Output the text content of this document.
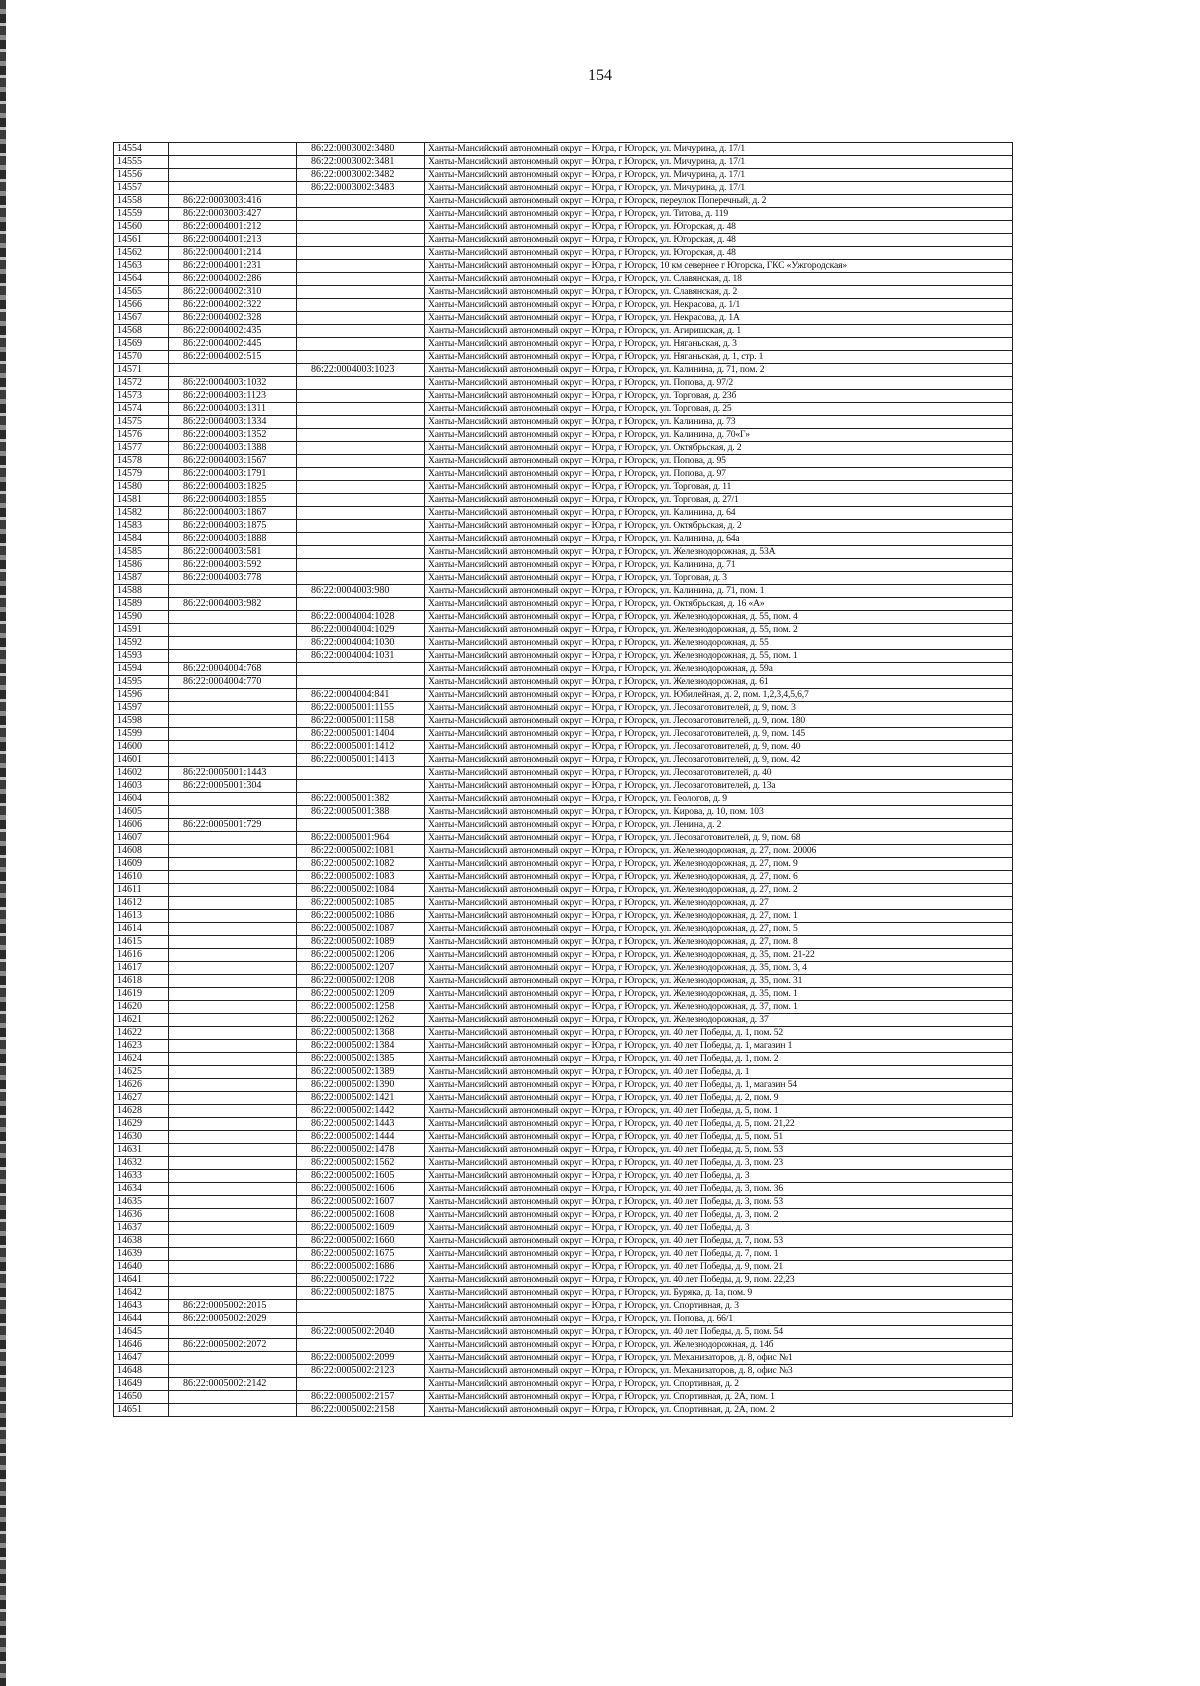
154
14554		86:22:0003002:3480	Ханты-Мансийский автономный округ – Югра, г Югорск, ул. Мичурина, д. 17/1
14555		86:22:0003002:3481	Ханты-Мансийский автономный округ – Югра, г Югорск, ул. Мичурина, д. 17/1
14556		86:22:0003002:3482	Ханты-Мансийский автономный округ – Югра, г Югорск, ул. Мичурина, д. 17/1
14557		86:22:0003002:3483	Ханты-Мансийский автономный округ – Югра, г Югорск, ул. Мичурина, д. 17/1
14558	86:22:0003003:416		Ханты-Мансийский автономный округ – Югра, г Югорск, переулок Поперечный, д. 2
14559	86:22:0003003:427		Ханты-Мансийский автономный округ – Югра, г Югорск, ул. Титова, д. 119
14560	86:22:0004001:212		Ханты-Мансийский автономный округ – Югра, г Югорск, ул. Югорская, д. 48
14561	86:22:0004001:213		Ханты-Мансийский автономный округ – Югра, г Югорск, ул. Югорская, д. 48
14562	86:22:0004001:214		Ханты-Мансийский автономный округ – Югра, г Югорск, ул. Югорская, д. 48
14563	86:22:0004001:231		Ханты-Мансийский автономный округ – Югра, г Югорск, 10 км севернее г Югорска, ГКС «Ужгородская»
14564	86:22:0004002:286		Ханты-Мансийский автономный округ – Югра, г Югорск, ул. Славянская, д. 18
14565	86:22:0004002:310		Ханты-Мансийский автономный округ – Югра, г Югорск, ул. Славянская, д. 2
14566	86:22:0004002:322		Ханты-Мансийский автономный округ – Югра, г Югорск, ул. Некрасова, д. 1/1
14567	86:22:0004002:328		Ханты-Мансийский автономный округ – Югра, г Югорск, ул. Некрасова, д. 1А
14568	86:22:0004002:435		Ханты-Мансийский автономный округ – Югра, г Югорск, ул. Агиришская, д. 1
14569	86:22:0004002:445		Ханты-Мансийский автономный округ – Югра, г Югорск, ул. Няганьская, д. 3
14570	86:22:0004002:515		Ханты-Мансийский автономный округ – Югра, г Югорск, ул. Няганьская, д. 1, стр. 1
14571		86:22:0004003:1023	Ханты-Мансийский автономный округ – Югра, г Югорск, ул. Калинина, д. 71, пом. 2
14572	86:22:0004003:1032		Ханты-Мансийский автономный округ – Югра, г Югорск, ул. Попова, д. 97/2
14573	86:22:0004003:1123		Ханты-Мансийский автономный округ – Югра, г Югорск, ул. Торговая, д. 23б
14574	86:22:0004003:1311		Ханты-Мансийский автономный округ – Югра, г Югорск, ул. Торговая, д. 25
14575	86:22:0004003:1334		Ханты-Мансийский автономный округ – Югра, г Югорск, ул. Калинина, д. 73
14576	86:22:0004003:1352		Ханты-Мансийский автономный округ – Югра, г Югорск, ул. Калинина, д. 70«Г»
14577	86:22:0004003:1388		Ханты-Мансийский автономный округ – Югра, г Югорск, ул. Октябрьская, д. 2
14578	86:22:0004003:1567		Ханты-Мансийский автономный округ – Югра, г Югорск, ул. Попова, д. 95
14579	86:22:0004003:1791		Ханты-Мансийский автономный округ – Югра, г Югорск, ул. Попова, д. 97
14580	86:22:0004003:1825		Ханты-Мансийский автономный округ – Югра, г Югорск, ул. Торговая, д. 11
14581	86:22:0004003:1855		Ханты-Мансийский автономный округ – Югра, г Югорск, ул. Торговая, д. 27/1
14582	86:22:0004003:1867		Ханты-Мансийский автономный округ – Югра, г Югорск, ул. Калинина, д. 64
14583	86:22:0004003:1875		Ханты-Мансийский автономный округ – Югра, г Югорск, ул. Октябрьская, д. 2
14584	86:22:0004003:1888		Ханты-Мансийский автономный округ – Югра, г Югорск, ул. Калинина, д. 64а
14585	86:22:0004003:581		Ханты-Мансийский автономный округ – Югра, г Югорск, ул. Железнодорожная, д. 53А
14586	86:22:0004003:592		Ханты-Мансийский автономный округ – Югра, г Югорск, ул. Калинина, д. 71
14587	86:22:0004003:778		Ханты-Мансийский автономный округ – Югра, г Югорск, ул. Торговая, д. 3
14588		86:22:0004003:980	Ханты-Мансийский автономный округ – Югра, г Югорск, ул. Калинина, д. 71, пом. 1
14589	86:22:0004003:982		Ханты-Мансийский автономный округ – Югра, г Югорск, ул. Октябрьская, д. 16 «А»
14590		86:22:0004004:1028	Ханты-Мансийский автономный округ – Югра, г Югорск, ул. Железнодорожная, д. 55, пом. 4
14591		86:22:0004004:1029	Ханты-Мансийский автономный округ – Югра, г Югорск, ул. Железнодорожная, д. 55, пом. 2
14592		86:22:0004004:1030	Ханты-Мансийский автономный округ – Югра, г Югорск, ул. Железнодорожная, д. 55
14593		86:22:0004004:1031	Ханты-Мансийский автономный округ – Югра, г Югорск, ул. Железнодорожная, д. 55, пом. 1
14594	86:22:0004004:768		Ханты-Мансийский автономный округ – Югра, г Югорск, ул. Железнодорожная, д. 59а
14595	86:22:0004004:770		Ханты-Мансийский автономный округ – Югра, г Югорск, ул. Железнодорожная, д. 61
14596		86:22:0004004:841	Ханты-Мансийский автономный округ – Югра, г Югорск, ул. Юбилейная, д. 2, пом. 1,2,3,4,5,6,7
14597		86:22:0005001:1155	Ханты-Мансийский автономный округ – Югра, г Югорск, ул. Лесозаготовителей, д. 9, пом. 3
14598		86:22:0005001:1158	Ханты-Мансийский автономный округ – Югра, г Югорск, ул. Лесозаготовителей, д. 9, пом. 180
14599		86:22:0005001:1404	Ханты-Мансийский автономный округ – Югра, г Югорск, ул. Лесозаготовителей, д. 9, пом. 145
14600		86:22:0005001:1412	Ханты-Мансийский автономный округ – Югра, г Югорск, ул. Лесозаготовителей, д. 9, пом. 40
14601		86:22:0005001:1413	Ханты-Мансийский автономный округ – Югра, г Югорск, ул. Лесозаготовителей, д. 9, пом. 42
14602	86:22:0005001:1443		Ханты-Мансийский автономный округ – Югра, г Югорск, ул. Лесозаготовителей, д. 40
14603	86:22:0005001:304		Ханты-Мансийский автономный округ – Югра, г Югорск, ул. Лесозаготовителей, д. 13а
14604		86:22:0005001:382	Ханты-Мансийский автономный округ – Югра, г Югорск, ул. Геологов, д. 9
14605		86:22:0005001:388	Ханты-Мансийский автономный округ – Югра, г Югорск, ул. Кирова, д. 10, пом. 103
14606	86:22:0005001:729		Ханты-Мансийский автономный округ – Югра, г Югорск, ул. Ленина, д. 2
14607		86:22:0005001:964	Ханты-Мансийский автономный округ – Югра, г Югорск, ул. Лесозаготовителей, д. 9, пом. 68
14608		86:22:0005002:1081	Ханты-Мансийский автономный округ – Югра, г Югорск, ул. Железнодорожная, д. 27, пом. 20006
14609		86:22:0005002:1082	Ханты-Мансийский автономный округ – Югра, г Югорск, ул. Железнодорожная, д. 27, пом. 9
14610		86:22:0005002:1083	Ханты-Мансийский автономный округ – Югра, г Югорск, ул. Железнодорожная, д. 27, пом. 6
14611		86:22:0005002:1084	Ханты-Мансийский автономный округ – Югра, г Югорск, ул. Железнодорожная, д. 27, пом. 2
14612		86:22:0005002:1085	Ханты-Мансийский автономный округ – Югра, г Югорск, ул. Железнодорожная, д. 27
14613		86:22:0005002:1086	Ханты-Мансийский автономный округ – Югра, г Югорск, ул. Железнодорожная, д. 27, пом. 1
14614		86:22:0005002:1087	Ханты-Мансийский автономный округ – Югра, г Югорск, ул. Железнодорожная, д. 27, пом. 5
14615		86:22:0005002:1089	Ханты-Мансийский автономный округ – Югра, г Югорск, ул. Железнодорожная, д. 27, пом. 8
14616		86:22:0005002:1206	Ханты-Мансийский автономный округ – Югра, г Югорск, ул. Железнодорожная, д. 35, пом. 21-22
14617		86:22:0005002:1207	Ханты-Мансийский автономный округ – Югра, г Югорск, ул. Железнодорожная, д. 35, пом. 3, 4
14618		86:22:0005002:1208	Ханты-Мансийский автономный округ – Югра, г Югорск, ул. Железнодорожная, д. 35, пом. 31
14619		86:22:0005002:1209	Ханты-Мансийский автономный округ – Югра, г Югорск, ул. Железнодорожная, д. 35, пом. 1
14620		86:22:0005002:1258	Ханты-Мансийский автономный округ – Югра, г Югорск, ул. Железнодорожная, д. 37, пом. 1
14621		86:22:0005002:1262	Ханты-Мансийский автономный округ – Югра, г Югорск, ул. Железнодорожная, д. 37
14622		86:22:0005002:1368	Ханты-Мансийский автономный округ – Югра, г Югорск, ул. 40 лет Победы, д. 1, пом. 52
14623		86:22:0005002:1384	Ханты-Мансийский автономный округ – Югра, г Югорск, ул. 40 лет Победы, д. 1, магазин 1
14624		86:22:0005002:1385	Ханты-Мансийский автономный округ – Югра, г Югорск, ул. 40 лет Победы, д. 1, пом. 2
14625		86:22:0005002:1389	Ханты-Мансийский автономный округ – Югра, г Югорск, ул. 40 лет Победы, д. 1
14626		86:22:0005002:1390	Ханты-Мансийский автономный округ – Югра, г Югорск, ул. 40 лет Победы, д. 1, магазин 54
14627		86:22:0005002:1421	Ханты-Мансийский автономный округ – Югра, г Югорск, ул. 40 лет Победы, д. 2, пом. 9
14628		86:22:0005002:1442	Ханты-Мансийский автономный округ – Югра, г Югорск, ул. 40 лет Победы, д. 5, пом. 1
14629		86:22:0005002:1443	Ханты-Мансийский автономный округ – Югра, г Югорск, ул. 40 лет Победы, д. 5, пом. 21,22
14630		86:22:0005002:1444	Ханты-Мансийский автономный округ – Югра, г Югорск, ул. 40 лет Победы, д. 5, пом. 51
14631		86:22:0005002:1478	Ханты-Мансийский автономный округ – Югра, г Югорск, ул. 40 лет Победы, д. 5, пом. 53
14632		86:22:0005002:1562	Ханты-Мансийский автономный округ – Югра, г Югорск, ул. 40 лет Победы, д. 3, пом. 23
14633		86:22:0005002:1605	Ханты-Мансийский автономный округ – Югра, г Югорск, ул. 40 лет Победы, д. 3
14634		86:22:0005002:1606	Ханты-Мансийский автономный округ – Югра, г Югорск, ул. 40 лет Победы, д. 3, пом. 36
14635		86:22:0005002:1607	Ханты-Мансийский автономный округ – Югра, г Югорск, ул. 40 лет Победы, д. 3, пом. 53
14636		86:22:0005002:1608	Ханты-Мансийский автономный округ – Югра, г Югорск, ул. 40 лет Победы, д. 3, пом. 2
14637		86:22:0005002:1609	Ханты-Мансийский автономный округ – Югра, г Югорск, ул. 40 лет Победы, д. 3
14638		86:22:0005002:1660	Ханты-Мансийский автономный округ – Югра, г Югорск, ул. 40 лет Победы, д. 7, пом. 53
14639		86:22:0005002:1675	Ханты-Мансийский автономный округ – Югра, г Югорск, ул. 40 лет Победы, д. 7, пом. 1
14640		86:22:0005002:1686	Ханты-Мансийский автономный округ – Югра, г Югорск, ул. 40 лет Победы, д. 9, пом. 21
14641		86:22:0005002:1722	Ханты-Мансийский автономный округ – Югра, г Югорск, ул. 40 лет Победы, д. 9, пом. 22,23
14642		86:22:0005002:1875	Ханты-Мансийский автономный округ – Югра, г Югорск, ул. Буряка, д. 1а, пом. 9
14643	86:22:0005002:2015		Ханты-Мансийский автономный округ – Югра, г Югорск, ул. Спортивная, д. 3
14644	86:22:0005002:2029		Ханты-Мансийский автономный округ – Югра, г Югорск, ул. Попова, д. 66/1
14645		86:22:0005002:2040	Ханты-Мансийский автономный округ – Югра, г Югорск, ул. 40 лет Победы, д. 5, пом. 54
14646	86:22:0005002:2072		Ханты-Мансийский автономный округ – Югра, г Югорск, ул. Железнодорожная, д. 14б
14647		86:22:0005002:2099	Ханты-Мансийский автономный округ – Югра, г Югорск, ул. Механизаторов, д. 8, офис №1
14648		86:22:0005002:2123	Ханты-Мансийский автономный округ – Югра, г Югорск, ул. Механизаторов, д. 8, офис №3
14649	86:22:0005002:2142		Ханты-Мансийский автономный округ – Югра, г Югорск, ул. Спортивная, д. 2
14650		86:22:0005002:2157	Ханты-Мансийский автономный округ – Югра, г Югорск, ул. Спортивная, д. 2А, пом. 1
14651		86:22:0005002:2158	Ханты-Мансийский автономный округ – Югра, г Югорск, ул. Спортивная, д. 2А, пом. 2
